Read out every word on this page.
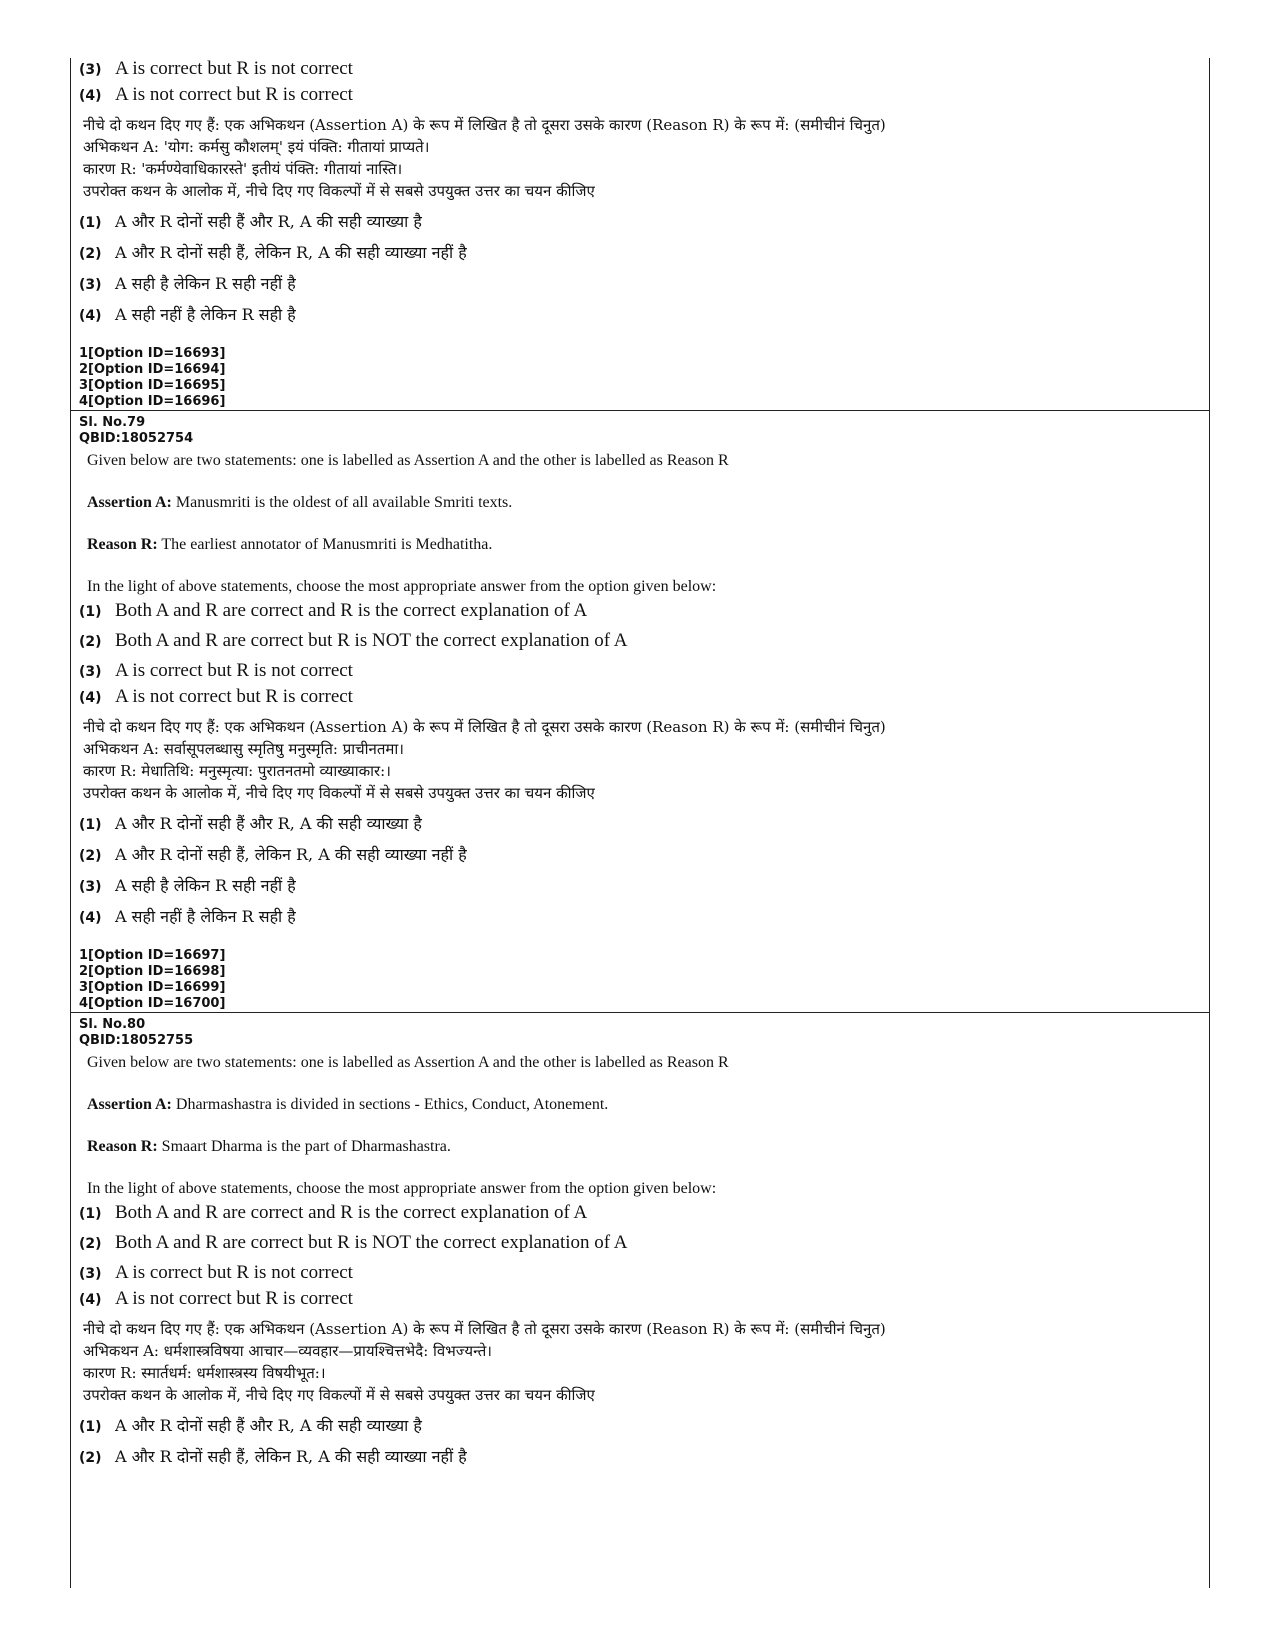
(3) A is correct but R is not correct
(4) A is not correct but R is correct
नीचे दो कथन दिए गए हैं: एक अभिकथन (Assertion A) के रूप में लिखित है तो दूसरा उसके कारण (Reason R) के रूप में: (समीचीनं चिनुत)
अभिकथन A: 'योग: कर्मसु कौशलम्' इयं पंक्ति: गीतायां प्राप्यते।
कारण R: 'कर्मण्येवाधिकारस्ते' इतीयं पंक्ति: गीतायां नास्ति।
उपरोक्त कथन के आलोक में, नीचे दिए गए विकल्पों में से सबसे उपयुक्त उत्तर का चयन कीजिए
(1) A और R दोनों सही हैं और R, A की सही व्याख्या है
(2) A और R दोनों सही हैं, लेकिन R, A की सही व्याख्या नहीं है
(3) A सही है लेकिन R सही नहीं है
(4) A सही नहीं है लेकिन R सही है
1[Option ID=16693]
2[Option ID=16694]
3[Option ID=16695]
4[Option ID=16696]
Sl. No.79
QBID:18052754
Given below are two statements: one is labelled as Assertion A and the other is labelled as Reason R
Assertion A: Manusmriti is the oldest of all available Smriti texts.
Reason R: The earliest annotator of Manusmriti is Medhatitha.
In the light of above statements, choose the most appropriate answer from the option given below:
(1) Both A and R are correct and R is the correct explanation of A
(2) Both A and R are correct but R is NOT the correct explanation of A
(3) A is correct but R is not correct
(4) A is not correct but R is correct
नीचे दो कथन दिए गए हैं: एक अभिकथन (Assertion A) के रूप में लिखित है तो दूसरा उसके कारण (Reason R) के रूप में: (समीचीनं चिनुत)
अभिकथन A: सर्वासूपलब्धासु स्मृतिषु मनुस्मृति: प्राचीनतमा।
कारण R: मेधातिथि: मनुस्मृत्या: पुरातनतमो व्याख्याकार:।
उपरोक्त कथन के आलोक में, नीचे दिए गए विकल्पों में से सबसे उपयुक्त उत्तर का चयन कीजिए
(1) A और R दोनों सही हैं और R, A की सही व्याख्या है
(2) A और R दोनों सही हैं, लेकिन R, A की सही व्याख्या नहीं है
(3) A सही है लेकिन R सही नहीं है
(4) A सही नहीं है लेकिन R सही है
1[Option ID=16697]
2[Option ID=16698]
3[Option ID=16699]
4[Option ID=16700]
Sl. No.80
QBID:18052755
Given below are two statements: one is labelled as Assertion A and the other is labelled as Reason R
Assertion A: Dharmashastra is divided in sections - Ethics, Conduct, Atonement.
Reason R: Smaart Dharma is the part of Dharmashastra.
In the light of above statements, choose the most appropriate answer from the option given below:
(1) Both A and R are correct and R is the correct explanation of A
(2) Both A and R are correct but R is NOT the correct explanation of A
(3) A is correct but R is not correct
(4) A is not correct but R is correct
नीचे दो कथन दिए गए हैं: एक अभिकथन (Assertion A) के रूप में लिखित है तो दूसरा उसके कारण (Reason R) के रूप में: (समीचीनं चिनुत)
अभिकथन A: धर्मशास्त्रविषया आचार—व्यवहार—प्रायश्चित्तभेदै: विभज्यन्ते।
कारण R: स्मार्तधर्म: धर्मशास्त्रस्य विषयीभूत:।
उपरोक्त कथन के आलोक में, नीचे दिए गए विकल्पों में से सबसे उपयुक्त उत्तर का चयन कीजिए
(1) A और R दोनों सही हैं और R, A की सही व्याख्या है
(2) A और R दोनों सही हैं, लेकिन R, A की सही व्याख्या नहीं है
